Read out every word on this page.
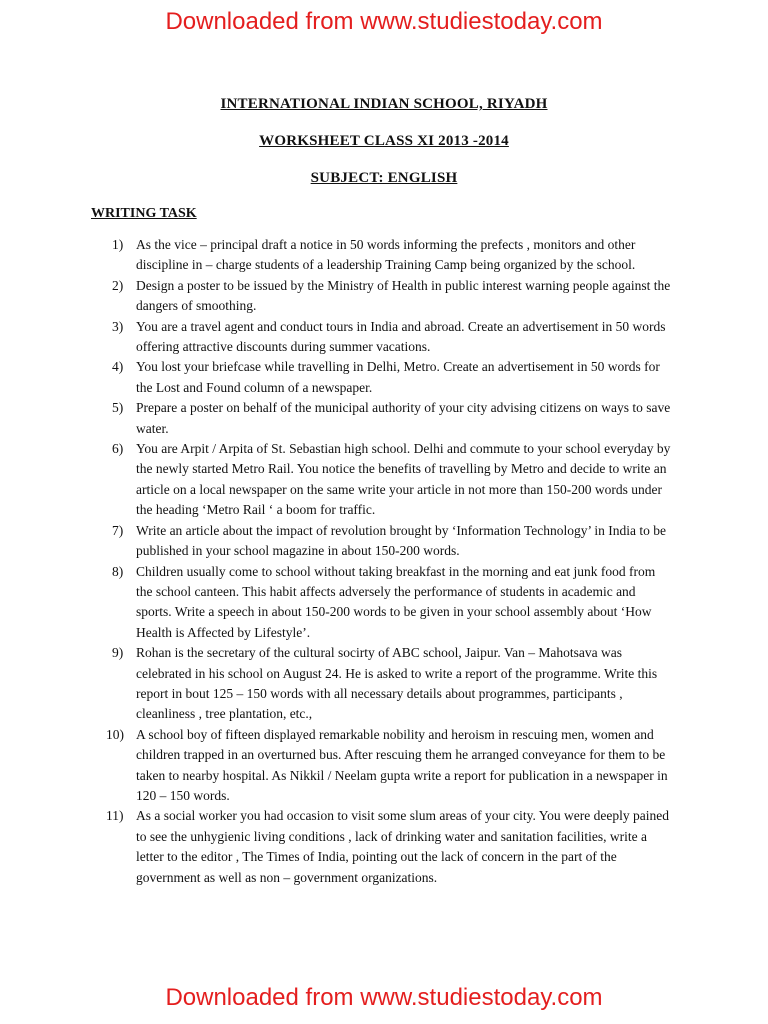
Downloaded from www.studiestoday.com
INTERNATIONAL INDIAN SCHOOL, RIYADH
WORKSHEET CLASS XI 2013 -2014
SUBJECT: ENGLISH
WRITING TASK
1) As the vice – principal draft a notice in 50 words informing the prefects , monitors and other discipline in – charge students of a leadership Training Camp being organized by the school.
2) Design a poster to be issued by the Ministry of Health in public interest warning people against the dangers of smoothing.
3) You are a travel agent and conduct tours in India and abroad. Create an advertisement in 50 words offering attractive discounts during summer vacations.
4) You lost your briefcase while travelling in Delhi, Metro. Create an advertisement in 50 words for the Lost and Found column of a newspaper.
5) Prepare a poster on behalf of the municipal authority of your city advising citizens on ways to save water.
6) You are Arpit / Arpita of St. Sebastian high school. Delhi and commute to your school everyday by the newly started Metro Rail. You notice the benefits of travelling by Metro and decide to write an article on a local newspaper on the same write your article in not more than 150-200 words under the heading ‘Metro Rail ‘ a boom for traffic.
7) Write an article about the impact of revolution brought by ‘Information Technology’ in India to be published in your school magazine in about 150-200 words.
8) Children usually come to school without taking breakfast in the morning and eat junk food from the school canteen. This habit affects adversely the performance of students in academic and sports. Write a speech in about 150-200 words to be given in your school assembly about ‘How Health is Affected by Lifestyle’.
9) Rohan is the secretary of the cultural socirty of ABC school, Jaipur. Van – Mahotsava was celebrated in his school on August 24. He is asked to write a report of the programme. Write this report in bout 125 – 150 words with all necessary details about programmes, participants , cleanliness , tree plantation, etc.,
10) A school boy of fifteen displayed remarkable nobility and heroism in rescuing men, women and children trapped in an overturned bus. After rescuing them he arranged conveyance for them to be taken to nearby hospital. As Nikkil / Neelam gupta write a report for publication in a newspaper in 120 – 150 words.
11) As a social worker you had occasion to visit some slum areas of your city. You were deeply pained to see the unhygienic living conditions , lack of drinking water and sanitation facilities, write a letter to the editor , The Times of India, pointing out the lack of concern in the part of the government as well as non – government organizations.
Downloaded from www.studiestoday.com
